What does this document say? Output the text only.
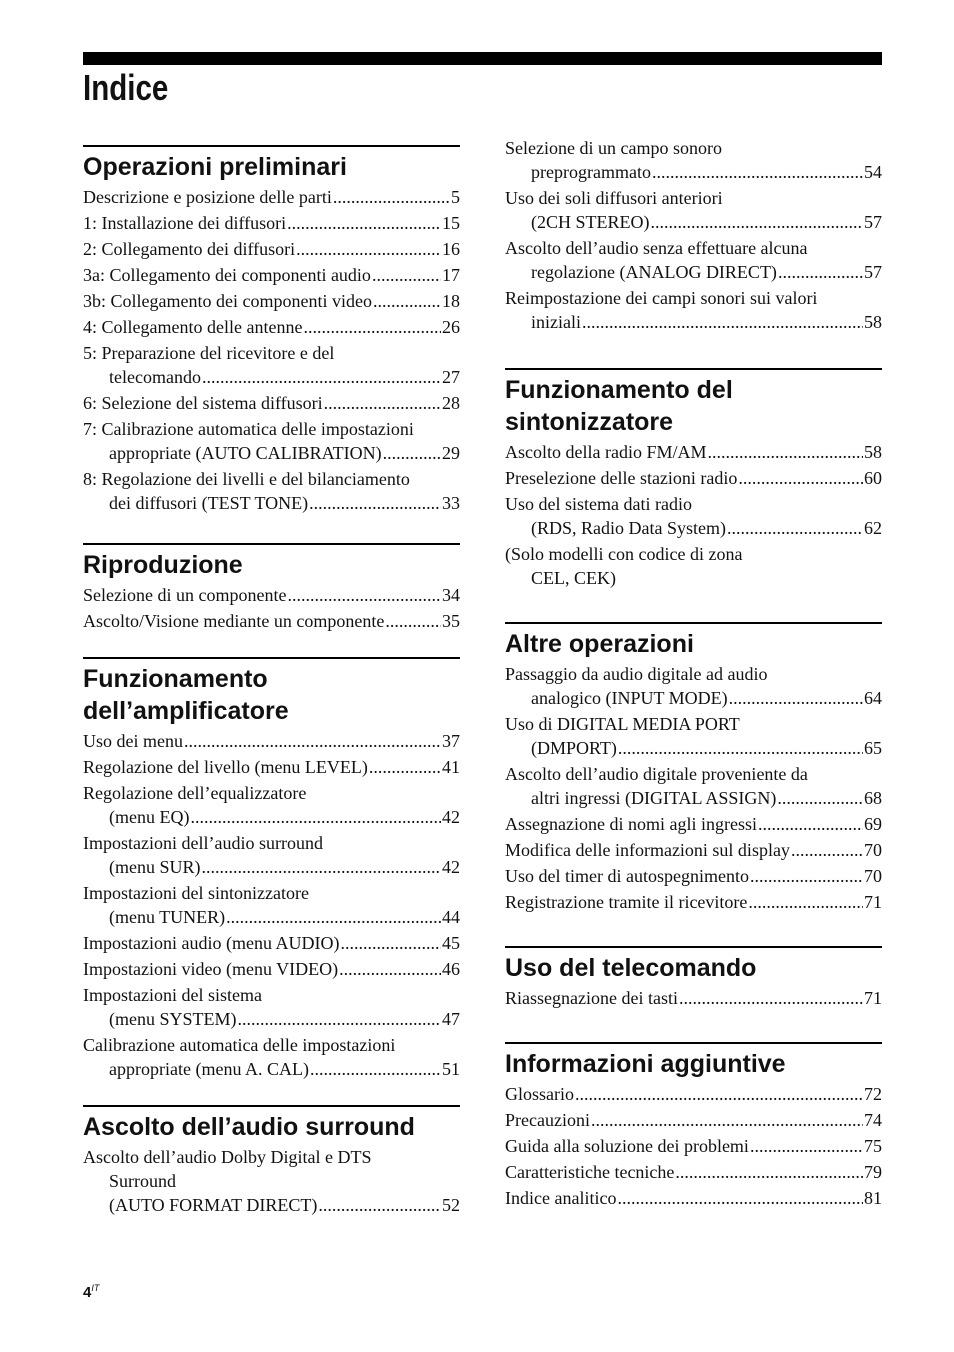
Indice
Operazioni preliminari
Descrizione e posizione delle parti .....	5
1: Installazione dei diffusori .....	15
2: Collegamento dei diffusori .....	16
3a: Collegamento dei componenti audio .....	17
3b: Collegamento dei componenti video .....	18
4: Collegamento delle antenne .....	26
5: Preparazione del ricevitore e del
telecomando .....	27
6: Selezione del sistema diffusori .....	28
7: Calibrazione automatica delle impostazioni
appropriate (AUTO CALIBRATION) .....	29
8: Regolazione dei livelli e del bilanciamento
dei diffusori (TEST TONE) .....	33
Riproduzione
Selezione di un componente .....	34
Ascolto/Visione mediante un componente .....	35
Funzionamento
dell’amplificatore
Uso dei menu .....	37
Regolazione del livello (menu LEVEL) .....	41
Regolazione dell’equalizzatore
(menu EQ) .....	42
Impostazioni dell’audio surround
(menu SUR) .....	42
Impostazioni del sintonizzatore
(menu TUNER) .....	44
Impostazioni audio (menu AUDIO) .....	45
Impostazioni video (menu VIDEO) .....	46
Impostazioni del sistema
(menu SYSTEM) .....	47
Calibrazione automatica delle impostazioni
appropriate (menu A. CAL) .....	51
Ascolto dell’audio surround
Ascolto dell’audio Dolby Digital e DTS
Surround
(AUTO FORMAT DIRECT) .....	52
Selezione di un campo sonoro
preprogrammato .....	54
Uso dei soli diffusori anteriori
(2CH STEREO) .....	57
Ascolto dell’audio senza effettuare alcuna
regolazione (ANALOG DIRECT) .....	57
Reimpostazione dei campi sonori sui valori
iniziali .....	58
Funzionamento del
sintonizzatore
Ascolto della radio FM/AM .....	58
Preselezione delle stazioni radio .....	60
Uso del sistema dati radio
(RDS, Radio Data System) .....	62
(Solo modelli con codice di zona
CEL, CEK)
Altre operazioni
Passaggio da audio digitale ad audio
analogico (INPUT MODE) .....	64
Uso di DIGITAL MEDIA PORT
(DMPORT) .....	65
Ascolto dell’audio digitale proveniente da
altri ingressi (DIGITAL ASSIGN) .....	68
Assegnazione di nomi agli ingressi .....	69
Modifica delle informazioni sul display .....	70
Uso del timer di autospegnimento .....	70
Registrazione tramite il ricevitore .....	71
Uso del telecomando
Riassegnazione dei tasti .....	71
Informazioni aggiuntive
Glossario .....	72
Precauzioni .....	74
Guida alla soluzione dei problemi .....	75
Caratteristiche tecniche .....	79
Indice analitico .....	81
$4^{IT}$
